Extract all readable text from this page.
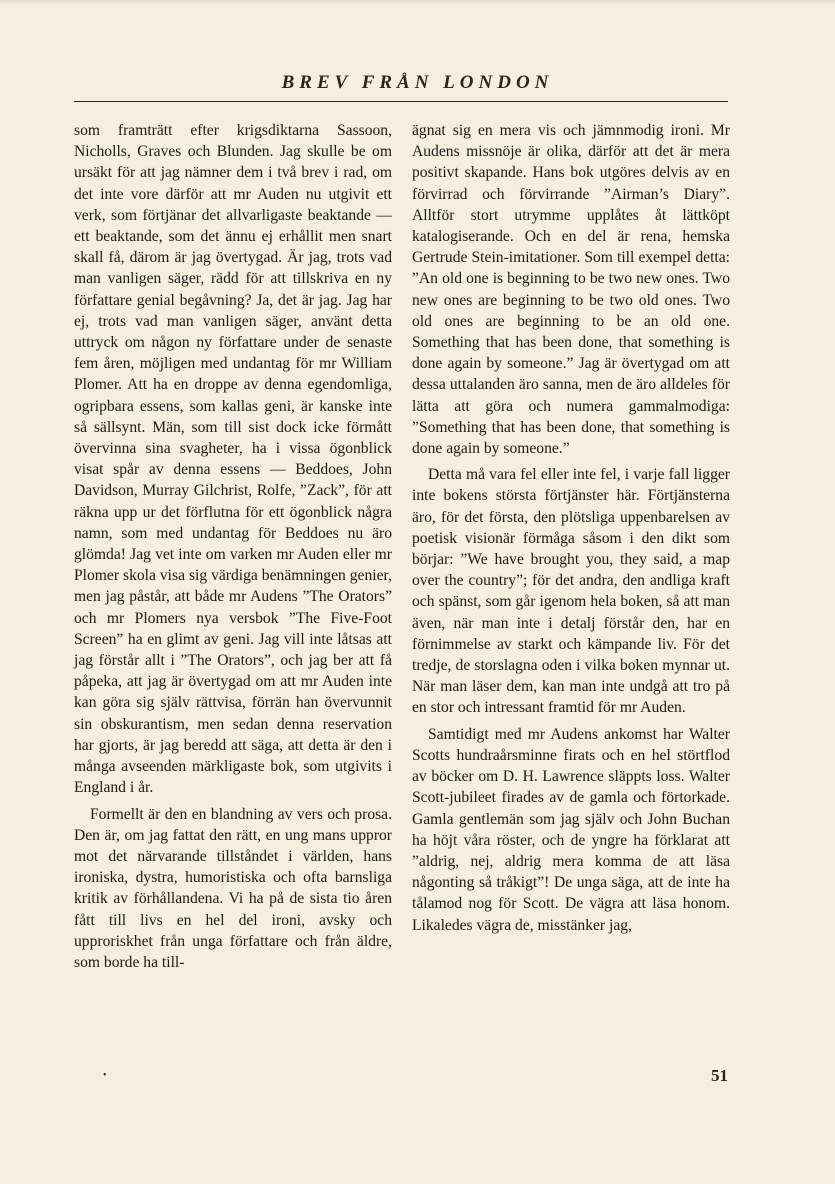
BREV FRÅN LONDON

som framträtt efter krigsdiktarna Sassoon, Nicholls, Graves och Blunden. Jag skulle be om ursäkt för att jag nämner dem i två brev i rad, om det inte vore därför att mr Auden nu utgivit ett verk, som förtjänar det allvarligaste beaktande — ett beaktande, som det ännu ej erhållit men snart skall få, därom är jag övertygad. Är jag, trots vad man vanligen säger, rädd för att tillskriva en ny författare genial begåvning? Ja, det är jag. Jag har ej, trots vad man vanligen säger, använt detta uttryck om någon ny författare under de senaste fem åren, möjligen med undantag för mr William Plomer. Att ha en droppe av denna egendomliga, ogripbara essens, som kallas geni, är kanske inte så sällsynt. Män, som till sist dock icke förmått övervinna sina svagheter, ha i vissa ögonblick visat spår av denna essens — Beddoes, John Davidson, Murray Gilchrist, Rolfe, ”Zack”, för att räkna upp ur det förflutna för ett ögonblick några namn, som med undantag för Beddoes nu äro glömda! Jag vet inte om varken mr Auden eller mr Plomer skola visa sig värdiga benämningen genier, men jag påstår, att både mr Audens ”The Orators” och mr Plomers nya versbok ”The Five-Foot Screen” ha en glimt av geni. Jag vill inte låtsas att jag förstår allt i ”The Orators”, och jag ber att få påpeka, att jag är övertygad om att mr Auden inte kan göra sig själv rättvisa, förrän han övervunnit sin obskurantism, men sedan denna reservation har gjorts, är jag beredd att säga, att detta är den i många avseenden märkligaste bok, som utgivits i England i år.

Formellt är den en blandning av vers och prosa. Den är, om jag fattat den rätt, en ung mans uppror mot det närvarande tillståndet i världen, hans ironiska, dystra, humoristiska och ofta barnsliga kritik av förhållandena. Vi ha på de sista tio åren fått till livs en hel del ironi, avsky och upproriskhet från unga författare och från äldre, som borde ha till-

ägnat sig en mera vis och jämnmodig ironi. Mr Audens missnöje är olika, därför att det är mera positivt skapande. Hans bok utgöres delvis av en förvirrad och förvirrande ”Airman’s Diary”. Alltför stort utrymme upplåtes åt lättköpt katalogiserande. Och en del är rena, hemska Gertrude Stein-imitationer. Som till exempel detta: ”An old one is beginning to be two new ones. Two new ones are beginning to be two old ones. Two old ones are beginning to be an old one. Something that has been done, that something is done again by someone.” Jag är övertygad om att dessa uttalanden äro sanna, men de äro alldeles för lätta att göra och numera gammalmodiga: ”Something that has been done, that something is done again by someone.”

Detta må vara fel eller inte fel, i varje fall ligger inte bokens största förtjänster här. Förtjänsterna äro, för det första, den plötsliga uppenbarelsen av poetisk visionär förmåga såsom i den dikt som börjar: ”We have brought you, they said, a map over the country”; för det andra, den andliga kraft och spänst, som går igenom hela boken, så att man även, när man inte i detalj förstår den, har en förnimmelse av starkt och kämpande liv. För det tredje, de storslagna oden i vilka boken mynnar ut. När man läser dem, kan man inte undgå att tro på en stor och intressant framtid för mr Auden.

Samtidigt med mr Audens ankomst har Walter Scotts hundraårsminne firats och en hel störtflod av böcker om D. H. Lawrence släppts loss. Walter Scott-jubileet firades av de gamla och förtorkade. Gamla gentlemän som jag själv och John Buchan ha höjt våra röster, och de yngre ha förklarat att ”aldrig, nej, aldrig mera komma de att läsa någonting så tråkigt”! De unga säga, att de inte ha tålamod nog för Scott. De vägra att läsa honom. Likaledes vägra de, misstänker jag,

•	51
